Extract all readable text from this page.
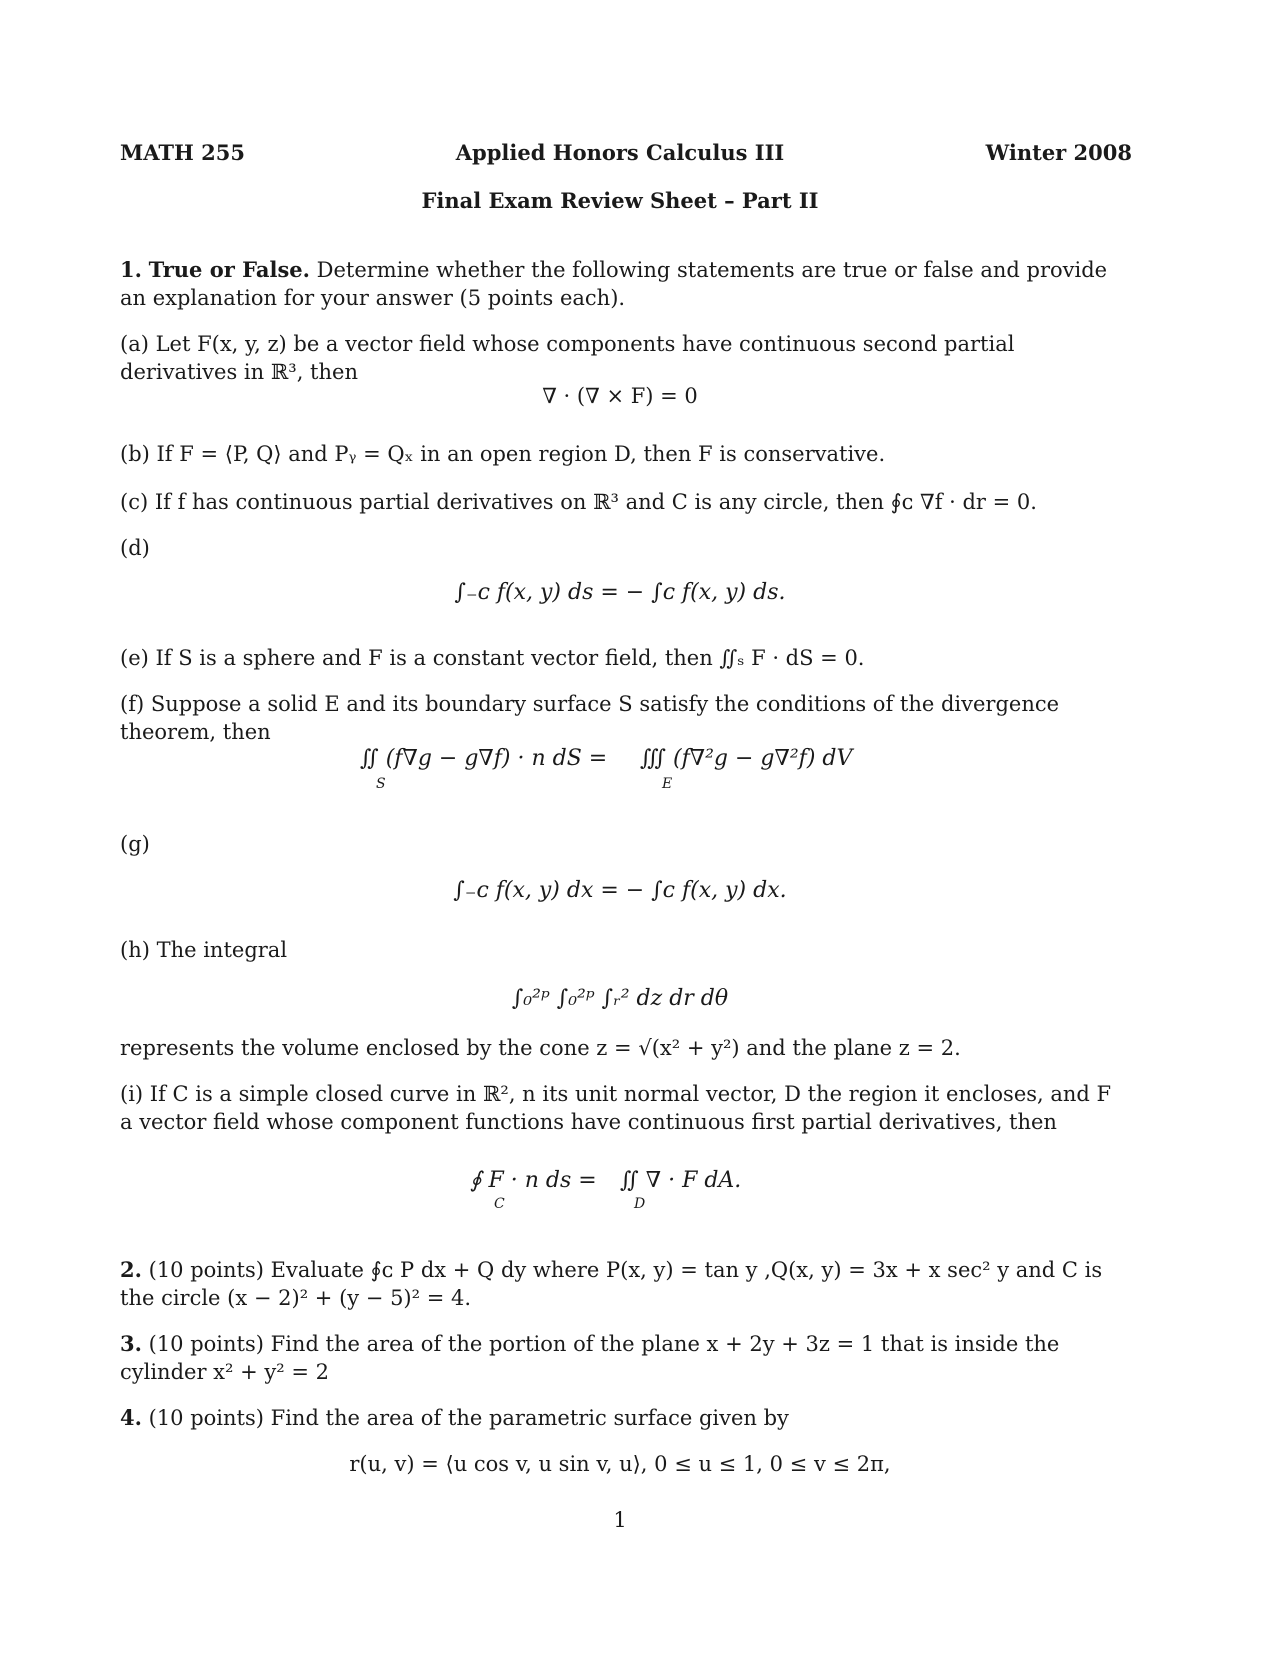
MATH 255	Applied Honors Calculus III	Winter 2008
Final Exam Review Sheet – Part II
1. True or False. Determine whether the following statements are true or false and provide an explanation for your answer (5 points each).
(a) Let F(x, y, z) be a vector field whose components have continuous second partial derivatives in ℝ³, then
∇ · (∇ × F) = 0
(b) If F = ⟨P, Q⟩ and Pᵧ = Qₓ in an open region D, then F is conservative.
(c) If f has continuous partial derivatives on ℝ³ and C is any circle, then ∮ᴄ ∇f · dr = 0.
(d)
∫₋ᴄ f(x, y) ds = − ∫ᴄ f(x, y) ds.
(e) If S is a sphere and F is a constant vector field, then ∬ₛ F · dS = 0.
(f) Suppose a solid E and its boundary surface S satisfy the conditions of the divergence theorem, then
∬ (f∇g − g∇f) · n dS =
S
∭ (f∇²g − g∇²f) dV
E
(g)
∫₋ᴄ f(x, y) dx = − ∫ᴄ f(x, y) dx.
(h) The integral
∫₀²ᵖ ∫₀²ᵖ ∫ᵣ² dz dr dθ
represents the volume enclosed by the cone z = √(x² + y²) and the plane z = 2.
(i) If C is a simple closed curve in ℝ², n its unit normal vector, D the region it encloses, and F a vector field whose component functions have continuous first partial derivatives, then
∮ F · n ds =
C
∬ ∇ · F dA.
D
2. (10 points) Evaluate ∮ᴄ P dx + Q dy where P(x, y) = tan y ,Q(x, y) = 3x + x sec² y and C is the circle (x − 2)² + (y − 5)² = 4.
3. (10 points) Find the area of the portion of the plane x + 2y + 3z = 1 that is inside the cylinder x² + y² = 2
4. (10 points) Find the area of the parametric surface given by
r(u, v) = ⟨u cos v, u sin v, u⟩, 0 ≤ u ≤ 1, 0 ≤ v ≤ 2π,
1
